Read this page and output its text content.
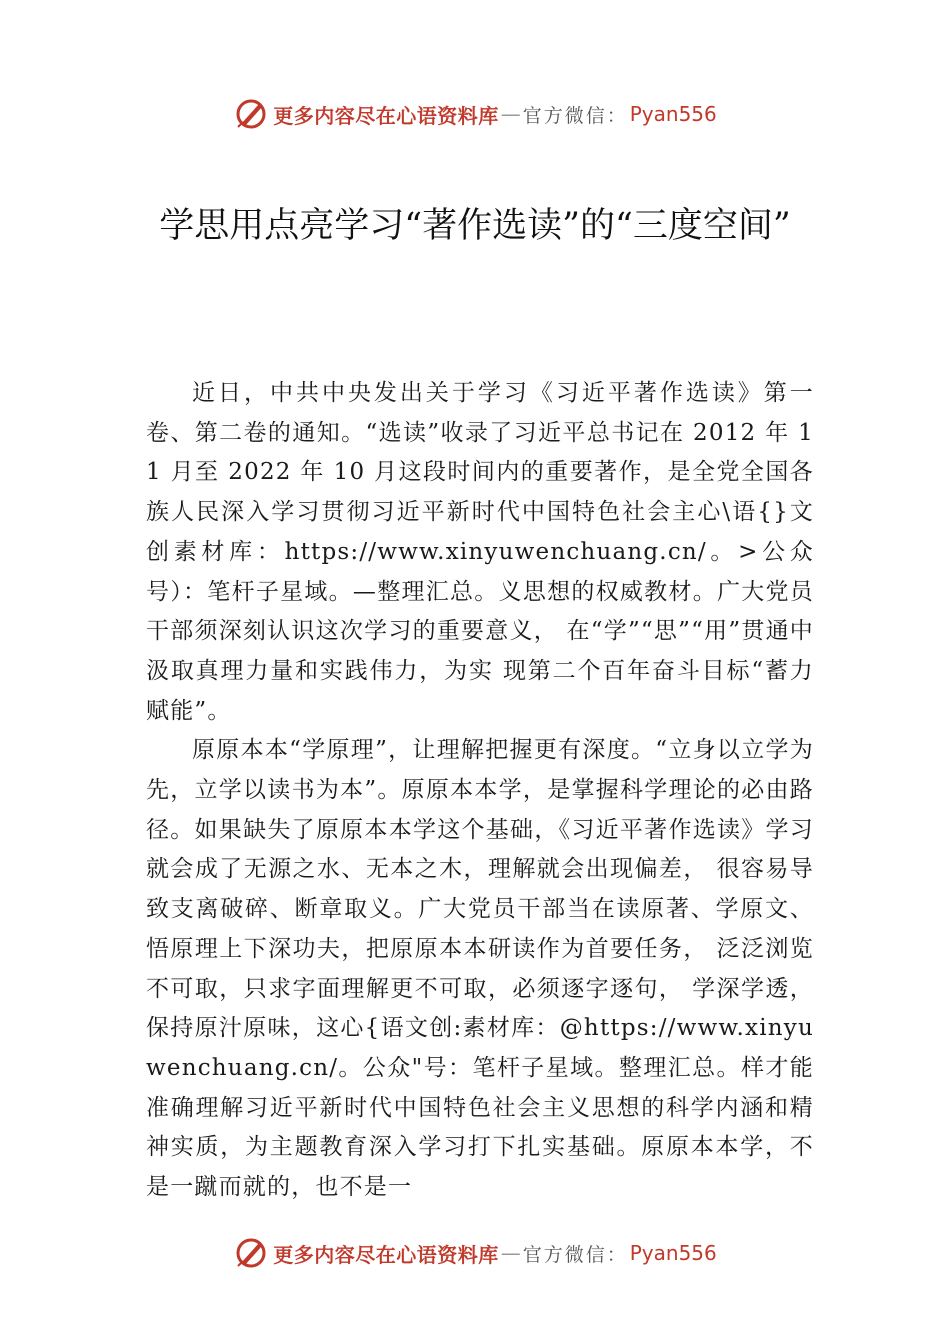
更多内容尽在心语资料库 — 官方微信： Pyan556
学思用点亮学习“著作选读”的“三度空间”

近日，中共中央发出关于学习《习近平著作选读》第一卷、第二卷的通知。“选读”收录了习近平总书记在 2012 年 11 月至 2022 年 10 月这段时间内的重要著作，是全党全国各族人民深入学习贯彻习近平新时代中国特色社会主心\语{}文创素材库：https://www.xinyuwenchuang.cn/。>公众号）：笔杆子星域。—整理汇总。义思想的权威教材。广大党员干部须深刻认识这次学习的重要意义， 在“学”“思”“用”贯通中汲取真理力量和实践伟力，为实 现第二个百年奋斗目标“蓄力赋能”。

原原本本“学原理”，让理解把握更有深度。“立身以立学为先，立学以读书为本”。原原本本学，是掌握科学理论的必由路径。如果缺失了原原本本学这个基础，《习近平著作选读》学习就会成了无源之水、无本之木，理解就会出现偏差， 很容易导致支离破碎、断章取义。广大党员干部当在读原著、学原文、悟原理上下深功夫，把原原本本研读作为首要任务， 泛泛浏览不可取，只求字面理解更不可取，必须逐字逐句， 学深学透，保持原汁原味，这心{语文创:素材库：@https://www.xinyuwenchuang.cn/。公众"号：笔杆子星域。整理汇总。样才能准确理解习近平新时代中国特色社会主义思想的科学内涵和精神实质，为主题教育深入学习打下扎实基础。原原本本学，不是一蹴而就的，也不是一

更多内容尽在心语资料库 — 官方微信： Pyan556
